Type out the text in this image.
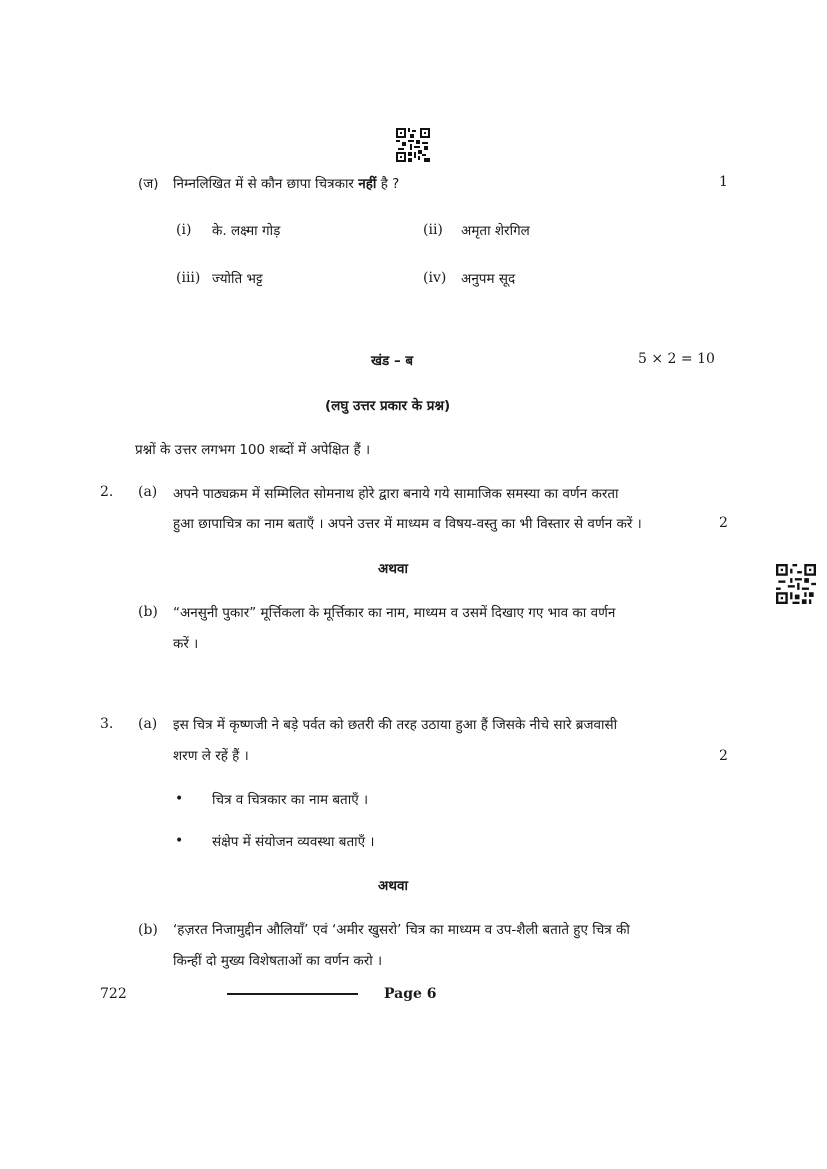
(ज) निम्नलिखित में से कौन छापा चित्रकार नहीं है ?	1
(i) के. लक्ष्मा गोड़	(ii) अमृता शेरगिल
(iii) ज्योति भट्ट	(iv) अनुपम सूद
खंड – ब	5 × 2 = 10
(लघु उत्तर प्रकार के प्रश्न)
प्रश्नों के उत्तर लगभग 100 शब्दों में अपेक्षित हैं ।
2. (a) अपने पाठ्यक्रम में सम्मिलित सोमनाथ होरे द्वारा बनाये गये सामाजिक समस्या का वर्णन करता
हुआ छापाचित्र का नाम बताएँ । अपने उत्तर में माध्यम व विषय-वस्तु का भी विस्तार से वर्णन करें ।	2
अथवा
(b) “अनसुनी पुकार” मूर्त्तिकला के मूर्त्तिकार का नाम, माध्यम व उसमें दिखाए गए भाव का वर्णन
करें ।
3. (a) इस चित्र में कृष्णजी ने बड़े पर्वत को छतरी की तरह उठाया हुआ हैं जिसके नीचे सारे ब्रजवासी
शरण ले रहें हैं ।	2
• चित्र व चित्रकार का नाम बताएँ ।
• संक्षेप में संयोजन व्यवस्था बताएँ ।
अथवा
(b) ‘हज़रत निजामुद्दीन औलियाँ’ एवं ‘अमीर खुसरो’ चित्र का माध्यम व उप-शैली बताते हुए चित्र की
किन्हीं दो मुख्य विशेषताओं का वर्णन करो ।
722	Page 6
